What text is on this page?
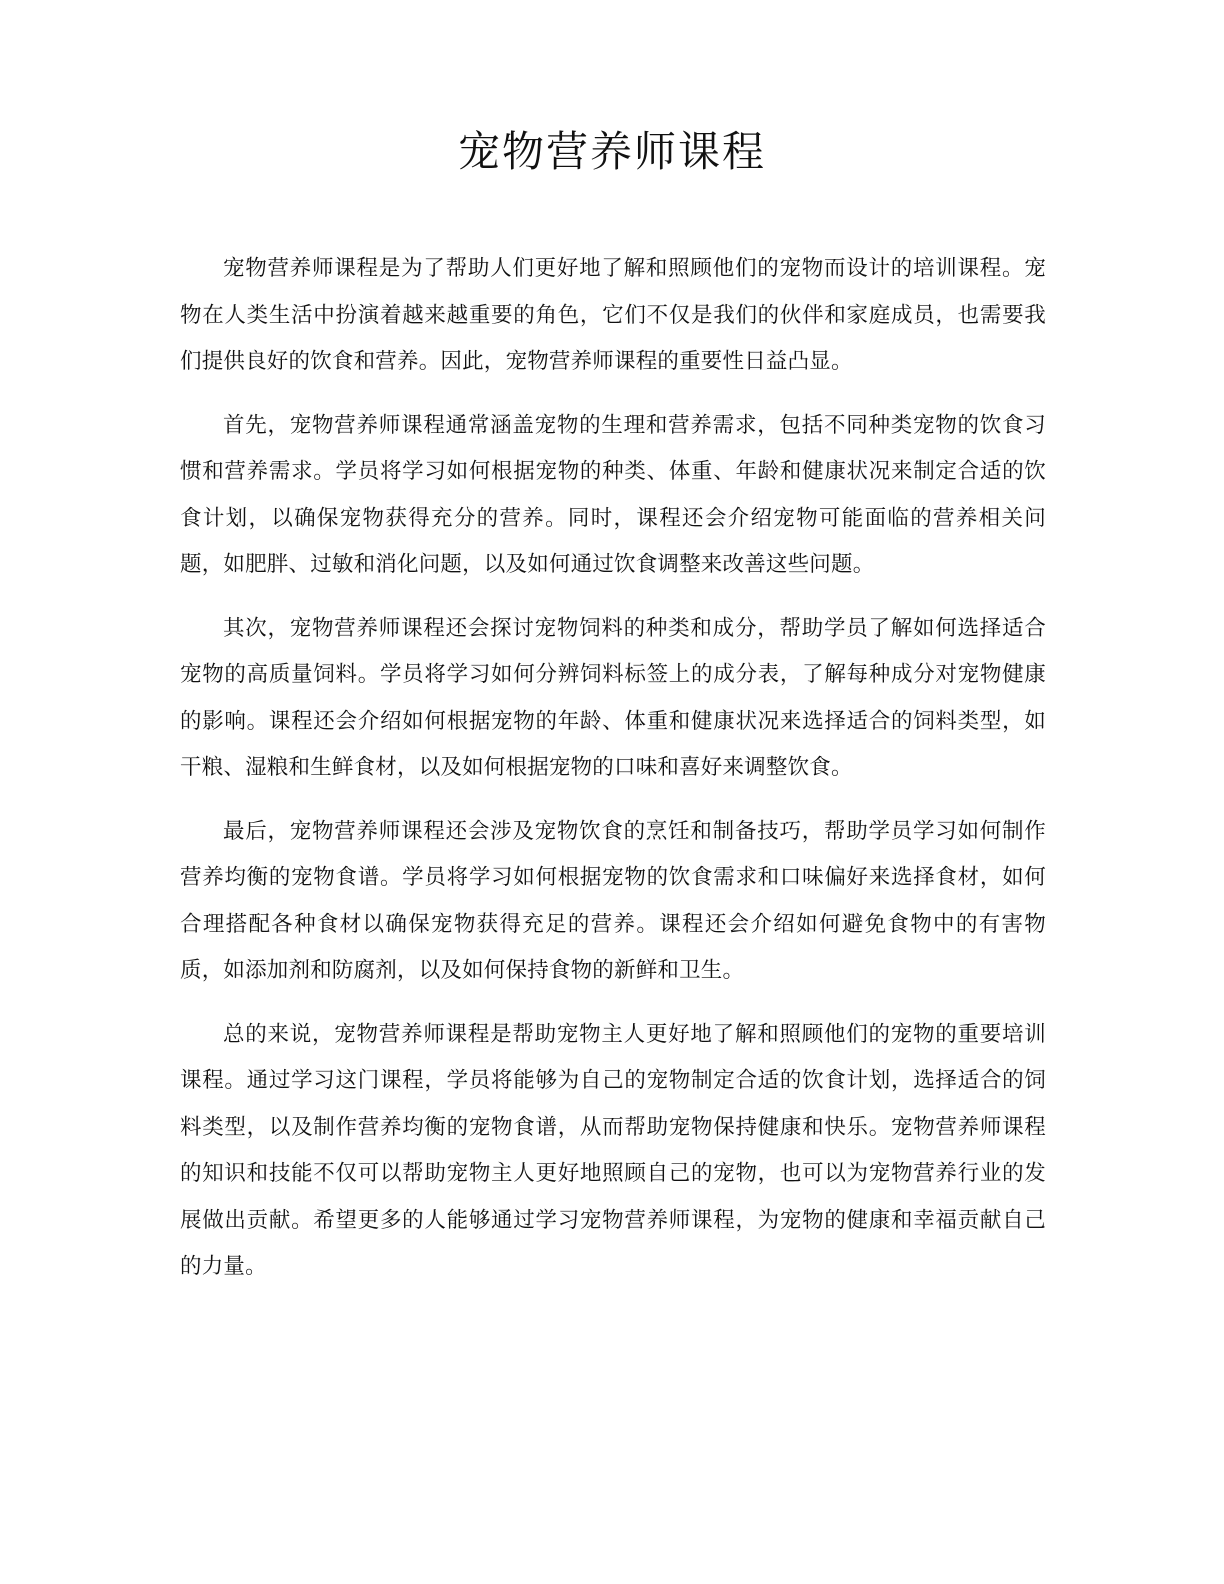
宠物营养师课程

宠物营养师课程是为了帮助人们更好地了解和照顾他们的宠物而设计的培训课程。宠物在人类生活中扮演着越来越重要的角色，它们不仅是我们的伙伴和家庭成员，也需要我们提供良好的饮食和营养。因此，宠物营养师课程的重要性日益凸显。

首先，宠物营养师课程通常涵盖宠物的生理和营养需求，包括不同种类宠物的饮食习惯和营养需求。学员将学习如何根据宠物的种类、体重、年龄和健康状况来制定合适的饮食计划，以确保宠物获得充分的营养。同时，课程还会介绍宠物可能面临的营养相关问题，如肥胖、过敏和消化问题，以及如何通过饮食调整来改善这些问题。

其次，宠物营养师课程还会探讨宠物饲料的种类和成分，帮助学员了解如何选择适合宠物的高质量饲料。学员将学习如何分辨饲料标签上的成分表，了解每种成分对宠物健康的影响。课程还会介绍如何根据宠物的年龄、体重和健康状况来选择适合的饲料类型，如干粮、湿粮和生鲜食材，以及如何根据宠物的口味和喜好来调整饮食。

最后，宠物营养师课程还会涉及宠物饮食的烹饪和制备技巧，帮助学员学习如何制作营养均衡的宠物食谱。学员将学习如何根据宠物的饮食需求和口味偏好来选择食材，如何合理搭配各种食材以确保宠物获得充足的营养。课程还会介绍如何避免食物中的有害物质，如添加剂和防腐剂，以及如何保持食物的新鲜和卫生。

总的来说，宠物营养师课程是帮助宠物主人更好地了解和照顾他们的宠物的重要培训课程。通过学习这门课程，学员将能够为自己的宠物制定合适的饮食计划，选择适合的饲料类型，以及制作营养均衡的宠物食谱，从而帮助宠物保持健康和快乐。宠物营养师课程的知识和技能不仅可以帮助宠物主人更好地照顾自己的宠物，也可以为宠物营养行业的发展做出贡献。希望更多的人能够通过学习宠物营养师课程，为宠物的健康和幸福贡献自己的力量。
